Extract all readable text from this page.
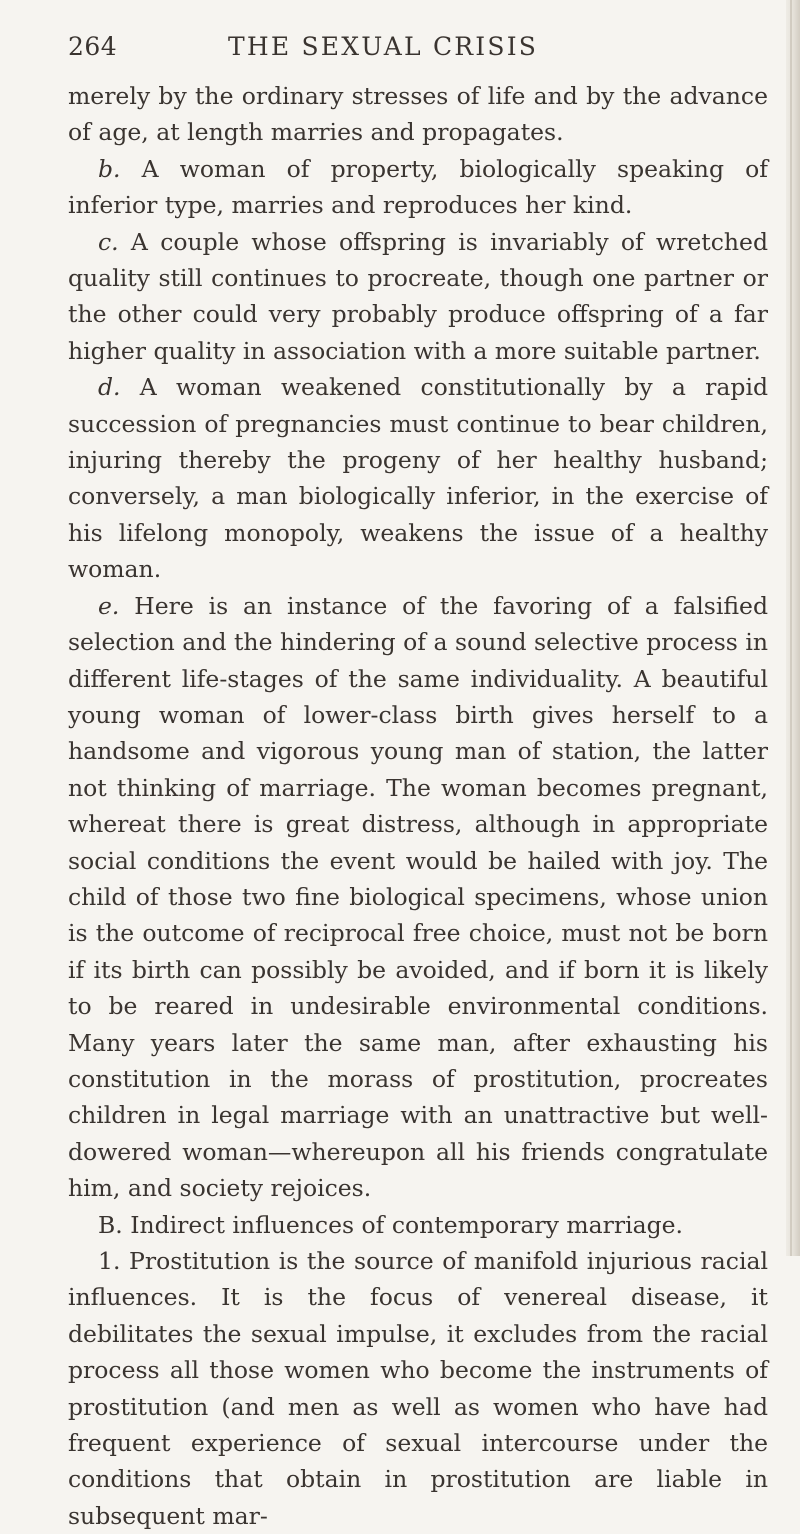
264	THE SEXUAL CRISIS

merely by the ordinary stresses of life and by the advance of age, at length marries and propagates.

b. A woman of property, biologically speaking of inferior type, marries and reproduces her kind.

c. A couple whose offspring is invariably of wretched quality still continues to procreate, though one partner or the other could very probably produce offspring of a far higher quality in association with a more suitable partner.

d. A woman weakened constitutionally by a rapid succession of pregnancies must continue to bear children, injuring thereby the progeny of her healthy husband; conversely, a man biologically inferior, in the exercise of his lifelong monopoly, weakens the issue of a healthy woman.

e. Here is an instance of the favoring of a falsified selection and the hindering of a sound selective process in different life-stages of the same individuality. A beautiful young woman of lower-class birth gives herself to a handsome and vigorous young man of station, the latter not thinking of marriage. The woman becomes pregnant, whereat there is great distress, although in appropriate social conditions the event would be hailed with joy. The child of those two fine biological specimens, whose union is the outcome of reciprocal free choice, must not be born if its birth can possibly be avoided, and if born it is likely to be reared in undesirable environmental conditions. Many years later the same man, after exhausting his constitution in the morass of prostitution, procreates children in legal marriage with an unattractive but well-dowered woman—whereupon all his friends congratulate him, and society rejoices.

B. Indirect influences of contemporary marriage.

1. Prostitution is the source of manifold injurious racial influences. It is the focus of venereal disease, it debilitates the sexual impulse, it excludes from the racial process all those women who become the instruments of prostitution (and men as well as women who have had frequent experience of sexual intercourse under the conditions that obtain in prostitution are liable in subsequent mar-
